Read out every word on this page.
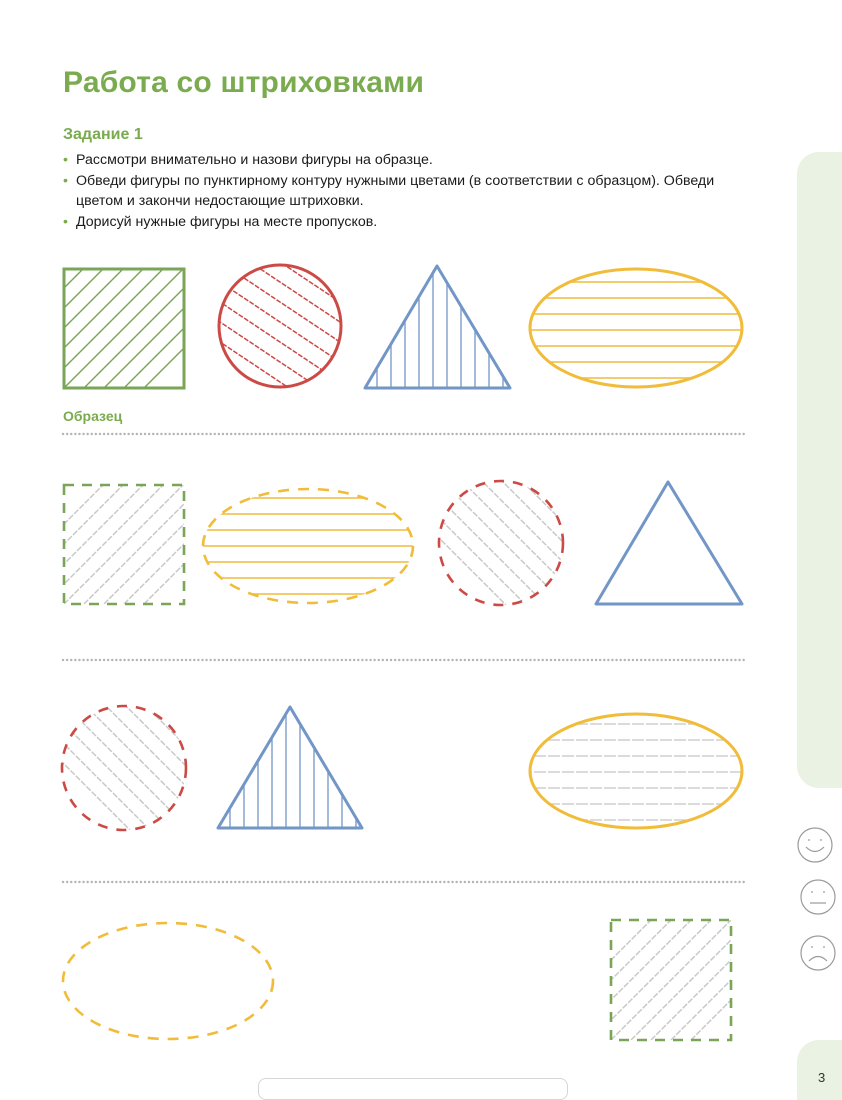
Работа со штриховками
Задание 1
• Рассмотри внимательно и назови фигуры на образце.
• Обведи фигуры по пунктирному контуру нужными цветами (в соответствии с образцом). Обведи цветом и закончи недостающие штриховки.
• Дорисуй нужные фигуры на месте пропусков.
Образец
3
